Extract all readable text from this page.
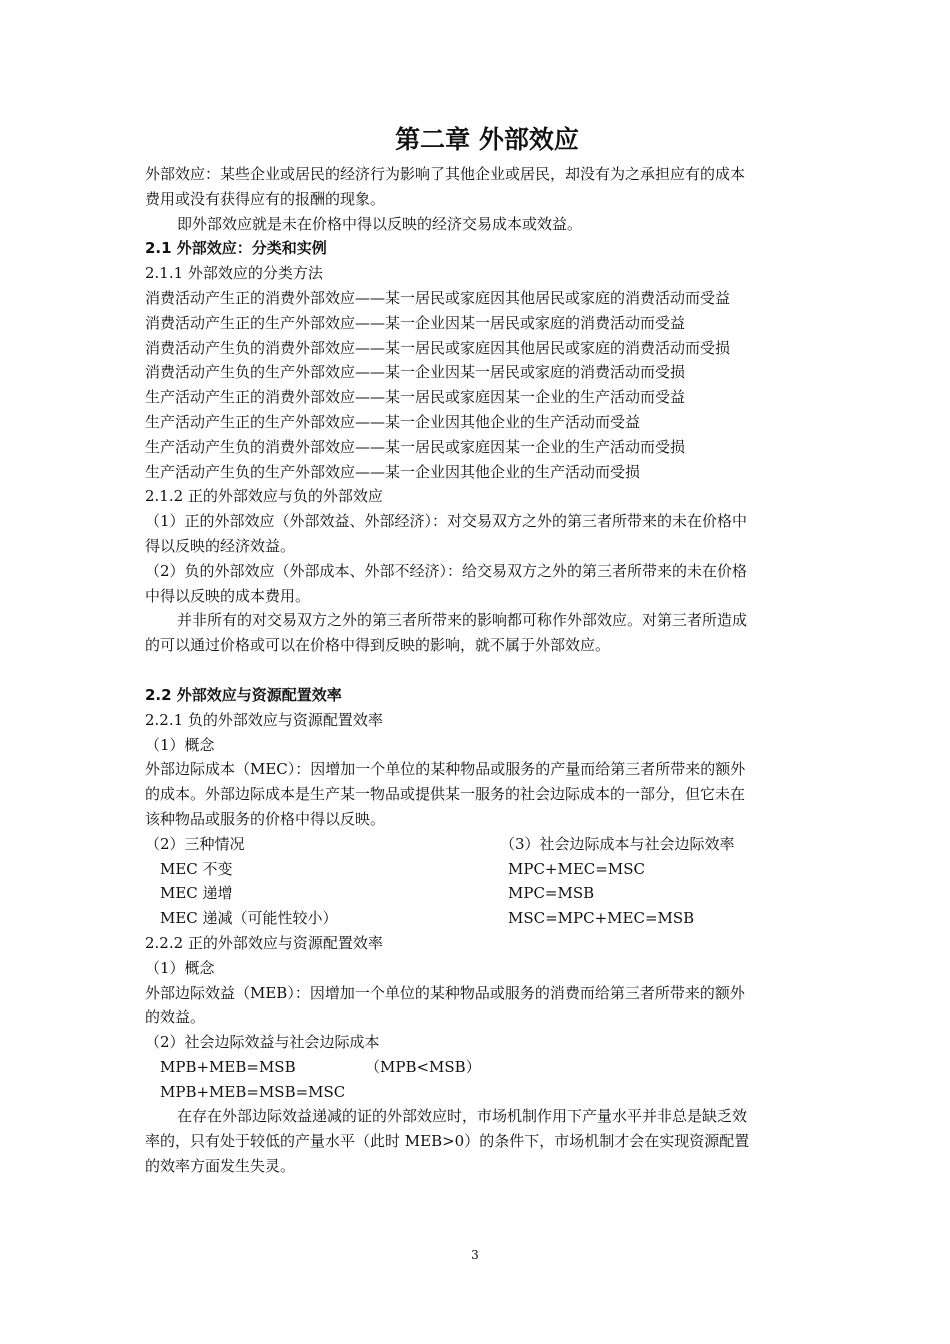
第二章 外部效应
外部效应：某些企业或居民的经济行为影响了其他企业或居民，却没有为之承担应有的成本
费用或没有获得应有的报酬的现象。
即外部效应就是未在价格中得以反映的经济交易成本或效益。
2.1 外部效应：分类和实例
2.1.1 外部效应的分类方法
消费活动产生正的消费外部效应——某一居民或家庭因其他居民或家庭的消费活动而受益
消费活动产生正的生产外部效应——某一企业因某一居民或家庭的消费活动而受益
消费活动产生负的消费外部效应——某一居民或家庭因其他居民或家庭的消费活动而受损
消费活动产生负的生产外部效应——某一企业因某一居民或家庭的消费活动而受损
生产活动产生正的消费外部效应——某一居民或家庭因某一企业的生产活动而受益
生产活动产生正的生产外部效应——某一企业因其他企业的生产活动而受益
生产活动产生负的消费外部效应——某一居民或家庭因某一企业的生产活动而受损
生产活动产生负的生产外部效应——某一企业因其他企业的生产活动而受损
2.1.2 正的外部效应与负的外部效应
（1）正的外部效应（外部效益、外部经济）：对交易双方之外的第三者所带来的未在价格中
得以反映的经济效益。
（2）负的外部效应（外部成本、外部不经济）：给交易双方之外的第三者所带来的未在价格
中得以反映的成本费用。
并非所有的对交易双方之外的第三者所带来的影响都可称作外部效应。对第三者所造成
的可以通过价格或可以在价格中得到反映的影响，就不属于外部效应。
2.2 外部效应与资源配置效率
2.2.1 负的外部效应与资源配置效率
（1）概念
外部边际成本（MEC）：因增加一个单位的某种物品或服务的产量而给第三者所带来的额外
的成本。外部边际成本是生产某一物品或提供某一服务的社会边际成本的一部分，但它未在
该种物品或服务的价格中得以反映。
（2）三种情况
MEC 不变
MEC 递增
MEC 递减（可能性较小）
（3）社会边际成本与社会边际效率
MPC+MEC=MSC
MPC=MSB
MSC=MPC+MEC=MSB
2.2.2 正的外部效应与资源配置效率
（1）概念
外部边际效益（MEB）：因增加一个单位的某种物品或服务的消费而给第三者所带来的额外
的效益。
（2）社会边际效益与社会边际成本
MPB+MEB=MSB	（MPB<MSB）
MPB+MEB=MSB=MSC
在存在外部边际效益递减的证的外部效应时，市场机制作用下产量水平并非总是缺乏效
率的，只有处于较低的产量水平（此时 MEB>0）的条件下，市场机制才会在实现资源配置
的效率方面发生失灵。
3
